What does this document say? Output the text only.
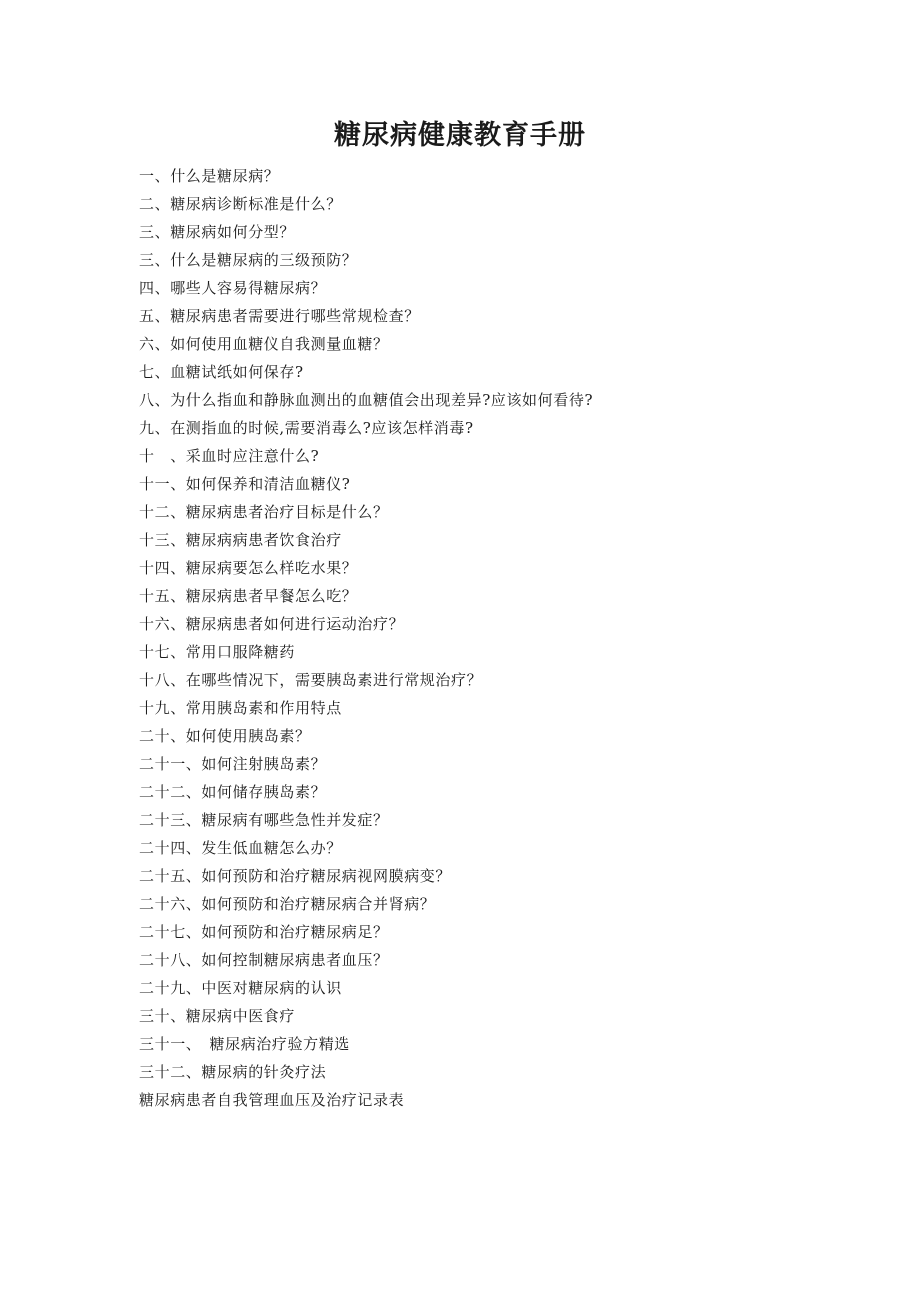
糖尿病健康教育手册
一、什么是糖尿病？
二、糖尿病诊断标准是什么？
三、糖尿病如何分型？
三、什么是糖尿病的三级预防？
四、哪些人容易得糖尿病？
五、糖尿病患者需要进行哪些常规检查？
六、如何使用血糖仪自我测量血糖？
七、血糖试纸如何保存?
八、为什么指血和静脉血测出的血糖值会出现差异?应该如何看待?
九、在测指血的时候,需要消毒么?应该怎样消毒?
十　、采血时应注意什么?
十一、如何保养和清洁血糖仪?
十二、糖尿病患者治疗目标是什么？
十三、糖尿病病患者饮食治疗
十四、糖尿病要怎么样吃水果？
十五、糖尿病患者早餐怎么吃？
十六、糖尿病患者如何进行运动治疗？
十七、常用口服降糖药
十八、在哪些情况下，需要胰岛素进行常规治疗？
十九、常用胰岛素和作用特点
二十、如何使用胰岛素？
二十一、如何注射胰岛素？
二十二、如何储存胰岛素？
二十三、糖尿病有哪些急性并发症？
二十四、发生低血糖怎么办？
二十五、如何预防和治疗糖尿病视网膜病变？
二十六、如何预防和治疗糖尿病合并肾病？
二十七、如何预防和治疗糖尿病足？
二十八、如何控制糖尿病患者血压？
二十九、中医对糖尿病的认识
三十、糖尿病中医食疗
三十一、　糖尿病治疗验方精选
三十二、糖尿病的针灸疗法
糖尿病患者自我管理血压及治疗记录表
